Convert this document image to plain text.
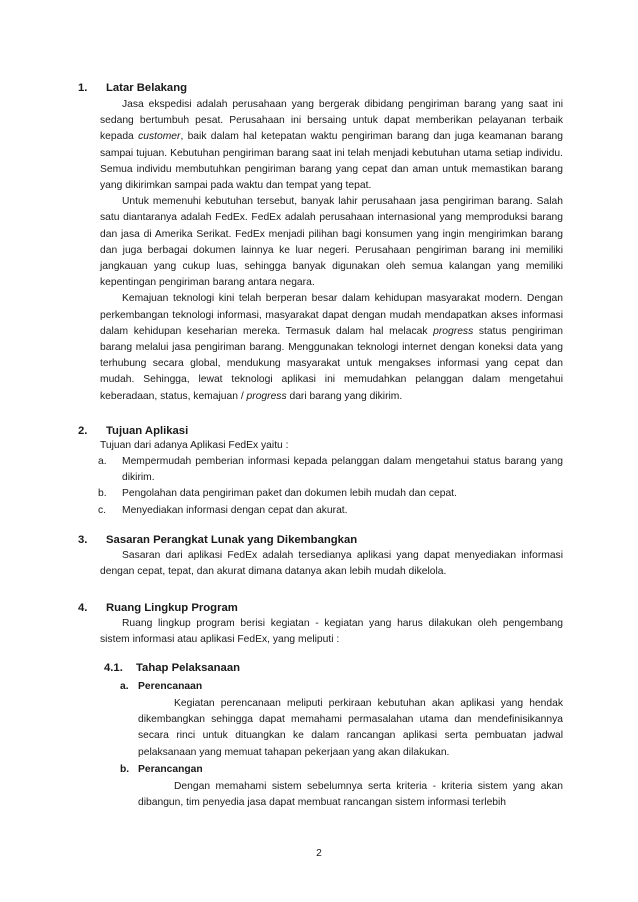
1. Latar Belakang

Jasa ekspedisi adalah perusahaan yang bergerak dibidang pengiriman barang yang saat ini sedang bertumbuh pesat. Perusahaan ini bersaing untuk dapat memberikan pelayanan terbaik kepada customer, baik dalam hal ketepatan waktu pengiriman barang dan juga keamanan barang sampai tujuan. Kebutuhan pengiriman barang saat ini telah menjadi kebutuhan utama setiap individu. Semua individu membutuhkan pengiriman barang yang cepat dan aman untuk memastikan barang yang dikirimkan sampai pada waktu dan tempat yang tepat.

Untuk memenuhi kebutuhan tersebut, banyak lahir perusahaan jasa pengiriman barang. Salah satu diantaranya adalah FedEx. FedEx adalah perusahaan internasional yang memproduksi barang dan jasa di Amerika Serikat. FedEx menjadi pilihan bagi konsumen yang ingin mengirimkan barang dan juga berbagai dokumen lainnya ke luar negeri. Perusahaan pengiriman barang ini memiliki jangkauan yang cukup luas, sehingga banyak digunakan oleh semua kalangan yang memiliki kepentingan pengiriman barang antara negara.

Kemajuan teknologi kini telah berperan besar dalam kehidupan masyarakat modern. Dengan perkembangan teknologi informasi, masyarakat dapat dengan mudah mendapatkan akses informasi dalam kehidupan keseharian mereka. Termasuk dalam hal melacak progress status pengiriman barang melalui jasa pengiriman barang. Menggunakan teknologi internet dengan koneksi data yang terhubung secara global, mendukung masyarakat untuk mengakses informasi yang cepat dan mudah. Sehingga, lewat teknologi aplikasi ini memudahkan pelanggan dalam mengetahui keberadaan, status, kemajuan / progress dari barang yang dikirim.

2. Tujuan Aplikasi

Tujuan dari adanya Aplikasi FedEx yaitu :

a.	Mempermudah pemberian informasi kepada pelanggan dalam mengetahui status barang yang dikirim.
b.	Pengolahan data pengiriman paket dan dokumen lebih mudah dan cepat.
c.	Menyediakan informasi dengan cepat dan akurat.
3. Sasaran Perangkat Lunak yang Dikembangkan

Sasaran dari aplikasi FedEx adalah tersedianya aplikasi yang dapat menyediakan informasi dengan cepat, tepat, dan akurat dimana datanya akan lebih mudah dikelola.

4. Ruang Lingkup Program

Ruang lingkup program berisi kegiatan - kegiatan yang harus dilakukan oleh pengembang sistem informasi atau aplikasi FedEx, yang meliputi :

4.1. Tahap Pelaksanaan
a. Perencanaan

Kegiatan perencanaan meliputi perkiraan kebutuhan akan aplikasi yang hendak dikembangkan sehingga dapat memahami permasalahan utama dan mendefinisikannya secara rinci untuk dituangkan ke dalam rancangan aplikasi serta pembuatan jadwal pelaksanaan yang memuat tahapan pekerjaan yang akan dilakukan.

b. Perancangan

Dengan memahami sistem sebelumnya serta kriteria - kriteria sistem yang akan dibangun, tim penyedia jasa dapat membuat rancangan sistem informasi terlebih

2
